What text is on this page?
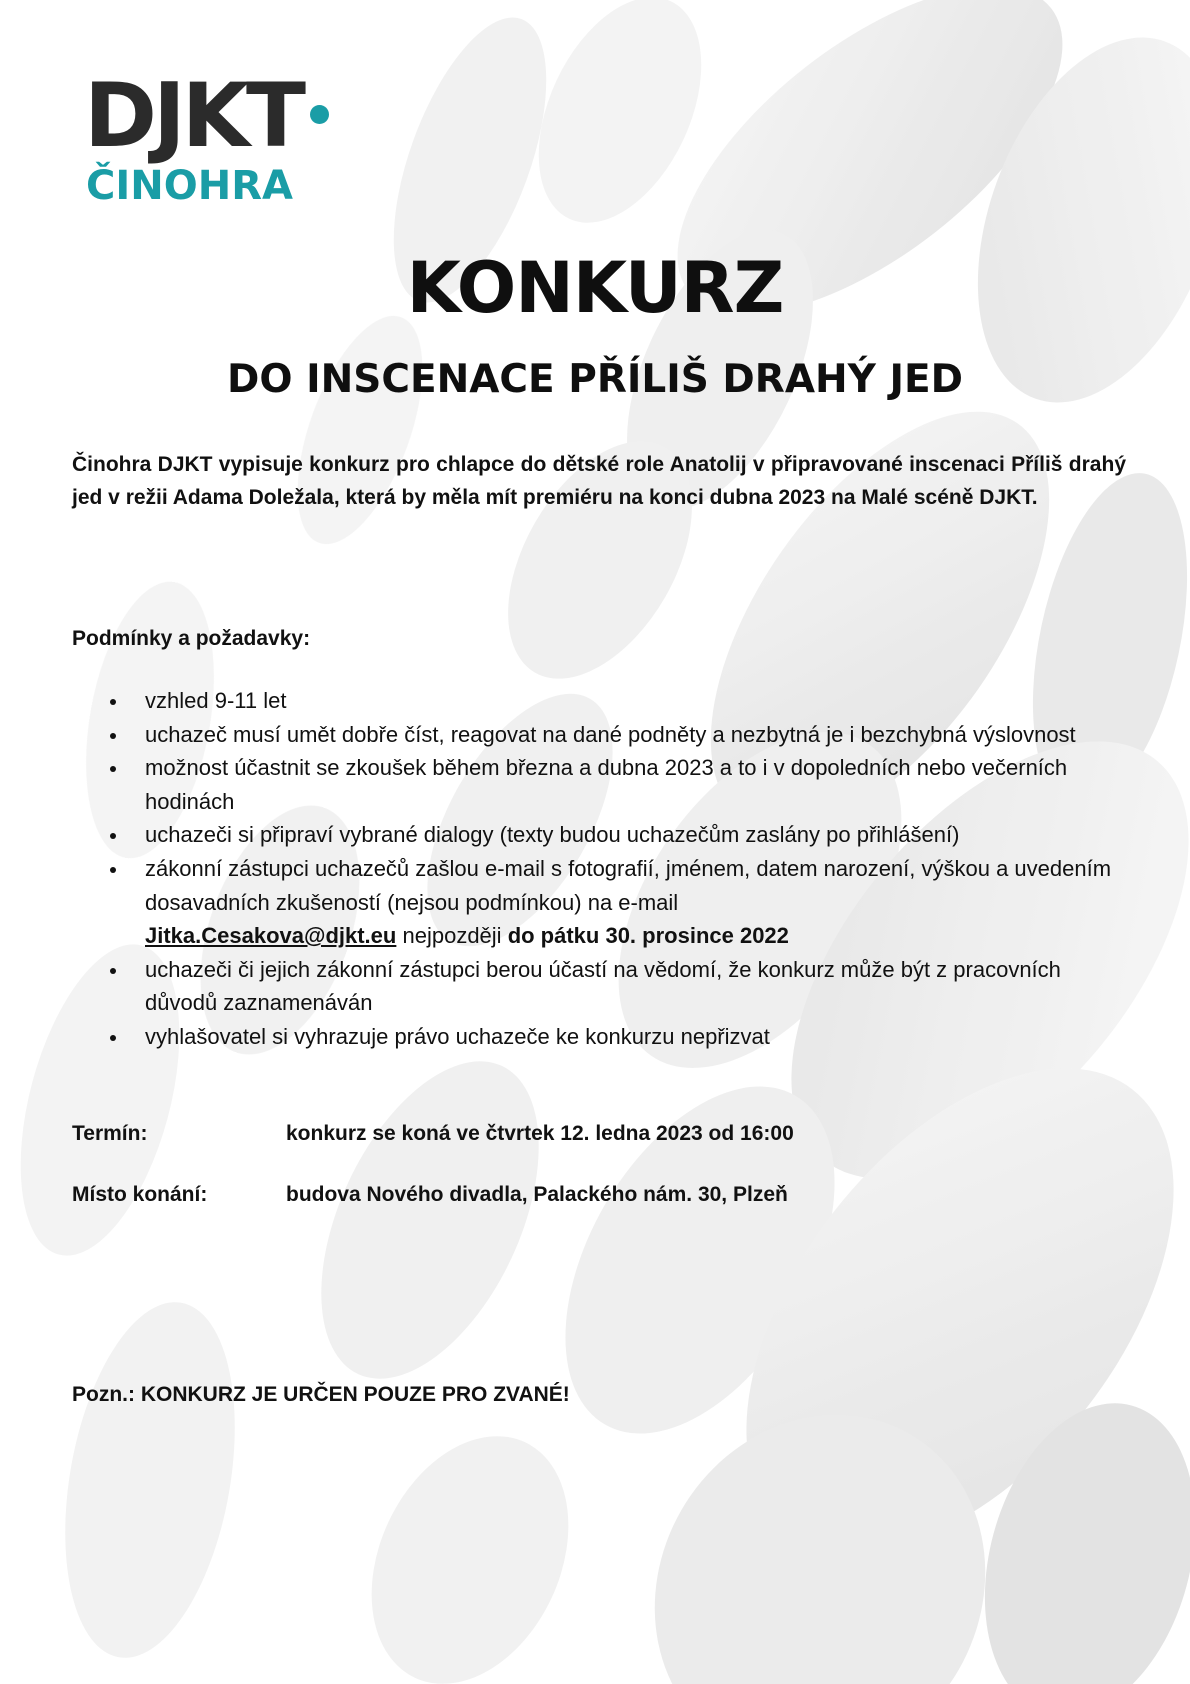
DJKT
ČINOHRA
KONKURZ
DO INSCENACE PŘÍLIŠ DRAHÝ JED

Činohra DJKT vypisuje konkurz pro chlapce do dětské role Anatolij v připravované inscenaci Příliš drahý jed v režii Adama Doležala, která by měla mít premiéru na konci dubna 2023 na Malé scéně DJKT.

Podmínky a požadavky:

vzhled 9-11 let
uchazeč musí umět dobře číst, reagovat na dané podněty a nezbytná je i bezchybná výslovnost
možnost účastnit se zkoušek během března a dubna 2023 a to i v dopoledních nebo večerních hodinách
uchazeči si připraví vybrané dialogy (texty budou uchazečům zaslány po přihlášení)
zákonní zástupci uchazečů zašlou e-mail s fotografií, jménem, datem narození, výškou a uvedením dosavadních zkušeností (nejsou podmínkou) na e-mail
Jitka.Cesakova@djkt.eu nejpozději do pátku 30. prosince 2022
uchazeči či jejich zákonní zástupci berou účastí na vědomí, že konkurz může být z pracovních důvodů zaznamenáván
vyhlašovatel si vyhrazuje právo uchazeče ke konkurzu nepřizvat
Termín:	konkurz se koná ve čtvrtek 12. ledna 2023 od 16:00
Místo konání:	budova Nového divadla, Palackého nám. 30, Plzeň

Pozn.: KONKURZ JE URČEN POUZE PRO ZVANÉ!
